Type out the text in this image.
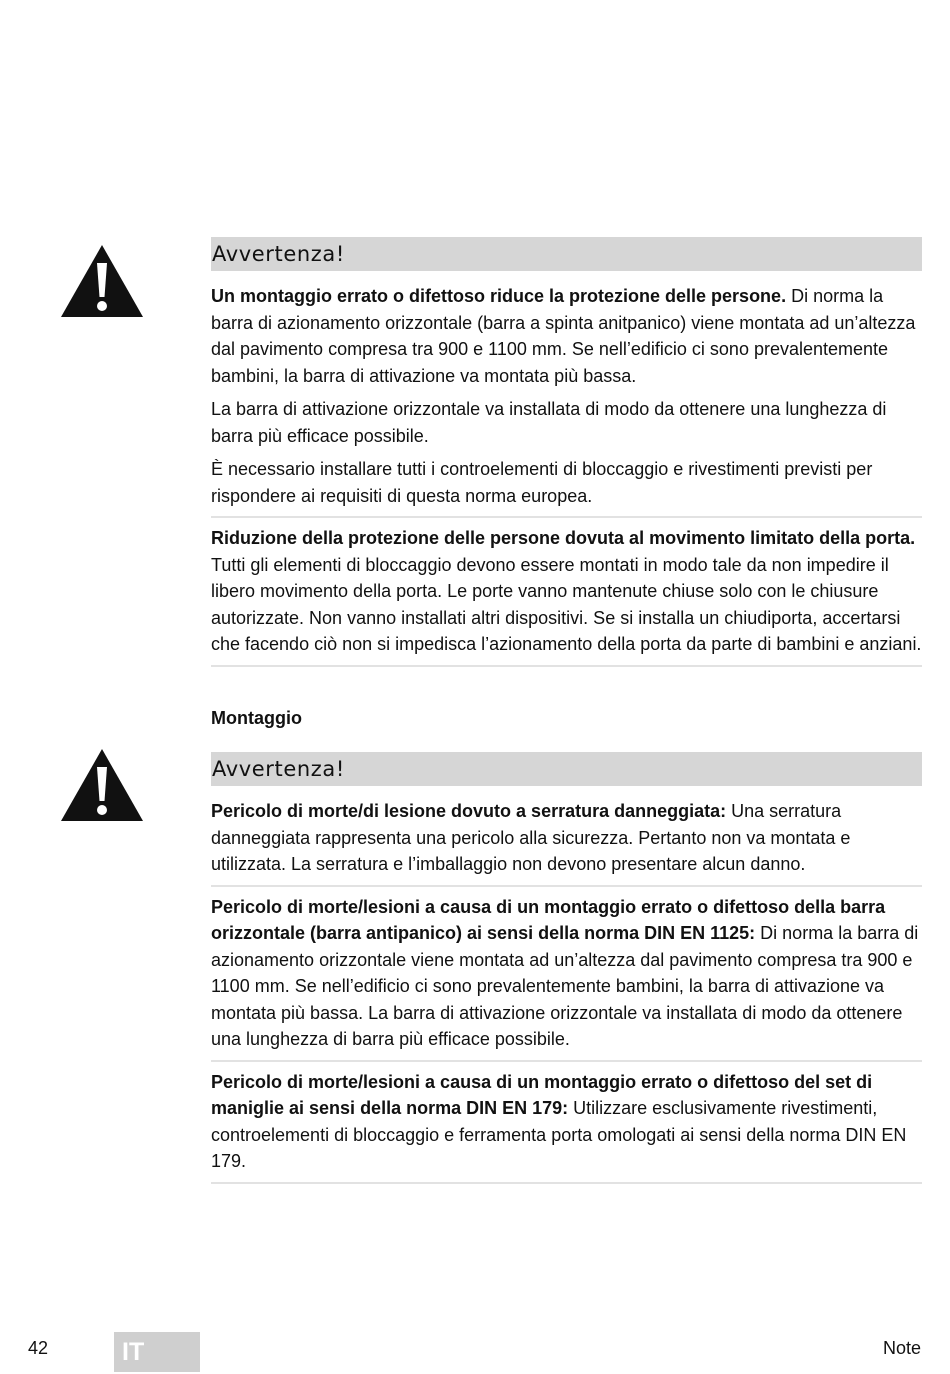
Avvertenza!

Un montaggio errato o difettoso riduce la protezione delle persone. Di norma la barra di azionamento orizzontale (barra a spinta anitpanico) viene montata ad un’altezza dal pavimento compresa tra 900 e 1100 mm. Se nell’edificio ci sono prevalentemente bambini, la barra di attivazione va montata più bassa.

La barra di attivazione orizzontale va installata di modo da ottenere una lunghezza di barra più efficace possibile.

È necessario installare tutti i controelementi di bloccaggio e rivestimenti previsti per rispondere ai requisiti di questa norma europea.

Riduzione della protezione delle persone dovuta al movimento limitato della porta. Tutti gli elementi di bloccaggio devono essere montati in modo tale da non impedire il libero movimento della porta. Le porte vanno mantenute chiuse solo con le chiusure autorizzate. Non vanno installati altri dispositivi. Se si installa un chiudiporta, accertarsi che facendo ciò non si impedisca l’azionamento della porta da parte di bambini e anziani.

Montaggio
Avvertenza!

Pericolo di morte/di lesione dovuto a serratura danneggiata: Una serratura danneggiata rappresenta una pericolo alla sicurezza. Pertanto non va montata e utilizzata. La serratura e l’imballaggio non devono presentare alcun danno.

Pericolo di morte/lesioni a causa di un montaggio errato o difettoso della barra orizzontale (barra antipanico) ai sensi della norma DIN EN 1125: Di norma la barra di azionamento orizzontale viene montata ad un’altezza dal pavimento compresa tra 900 e 1100 mm. Se nell’edificio ci sono prevalentemente bambini, la barra di attivazione va montata più bassa. La barra di attivazione orizzontale va installata di modo da ottenere una lunghezza di barra più efficace possibile.

Pericolo di morte/lesioni a causa di un montaggio errato o difettoso del set di maniglie ai sensi della norma DIN EN 179: Utilizzare esclusivamente rivestimenti, controelementi di bloccaggio e ferramenta porta omologati ai sensi della norma DIN EN 179.

42	IT	Note
